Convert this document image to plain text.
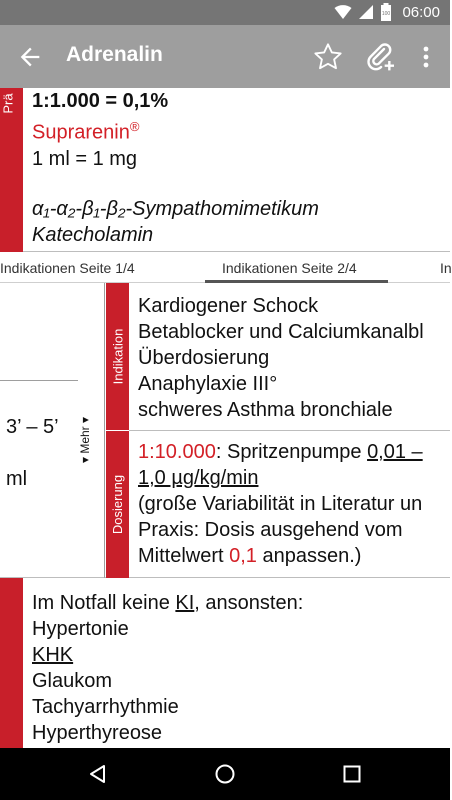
100 06:00
Adrenalin
Prä 1:1.000 = 0,1%
Suprarenin®
1 ml = 1 mg
α₁-α₂-β₁-β₂-Sympathomimetikum
Katecholamin
Indikationen Seite 1/4	Indikationen Seite 2/4	In
3’ – 5’
ml
▾ Mehr ▾
Indikation
Kardiogener Schock
Betablocker und Calciumkanalbl
Überdosierung
Anaphylaxie III°
schweres Asthma bronchiale
Dosierung
1:10.000: Spritzenpumpe 0,01 –
1,0 µg/kg/min
(große Variabilität in Literatur un
Praxis: Dosis ausgehend vom
Mittelwert 0,1 anpassen.)
Im Notfall keine KI, ansonsten:
Hypertonie
KHK
Glaukom
Tachyarrhythmie
Hyperthyreose
